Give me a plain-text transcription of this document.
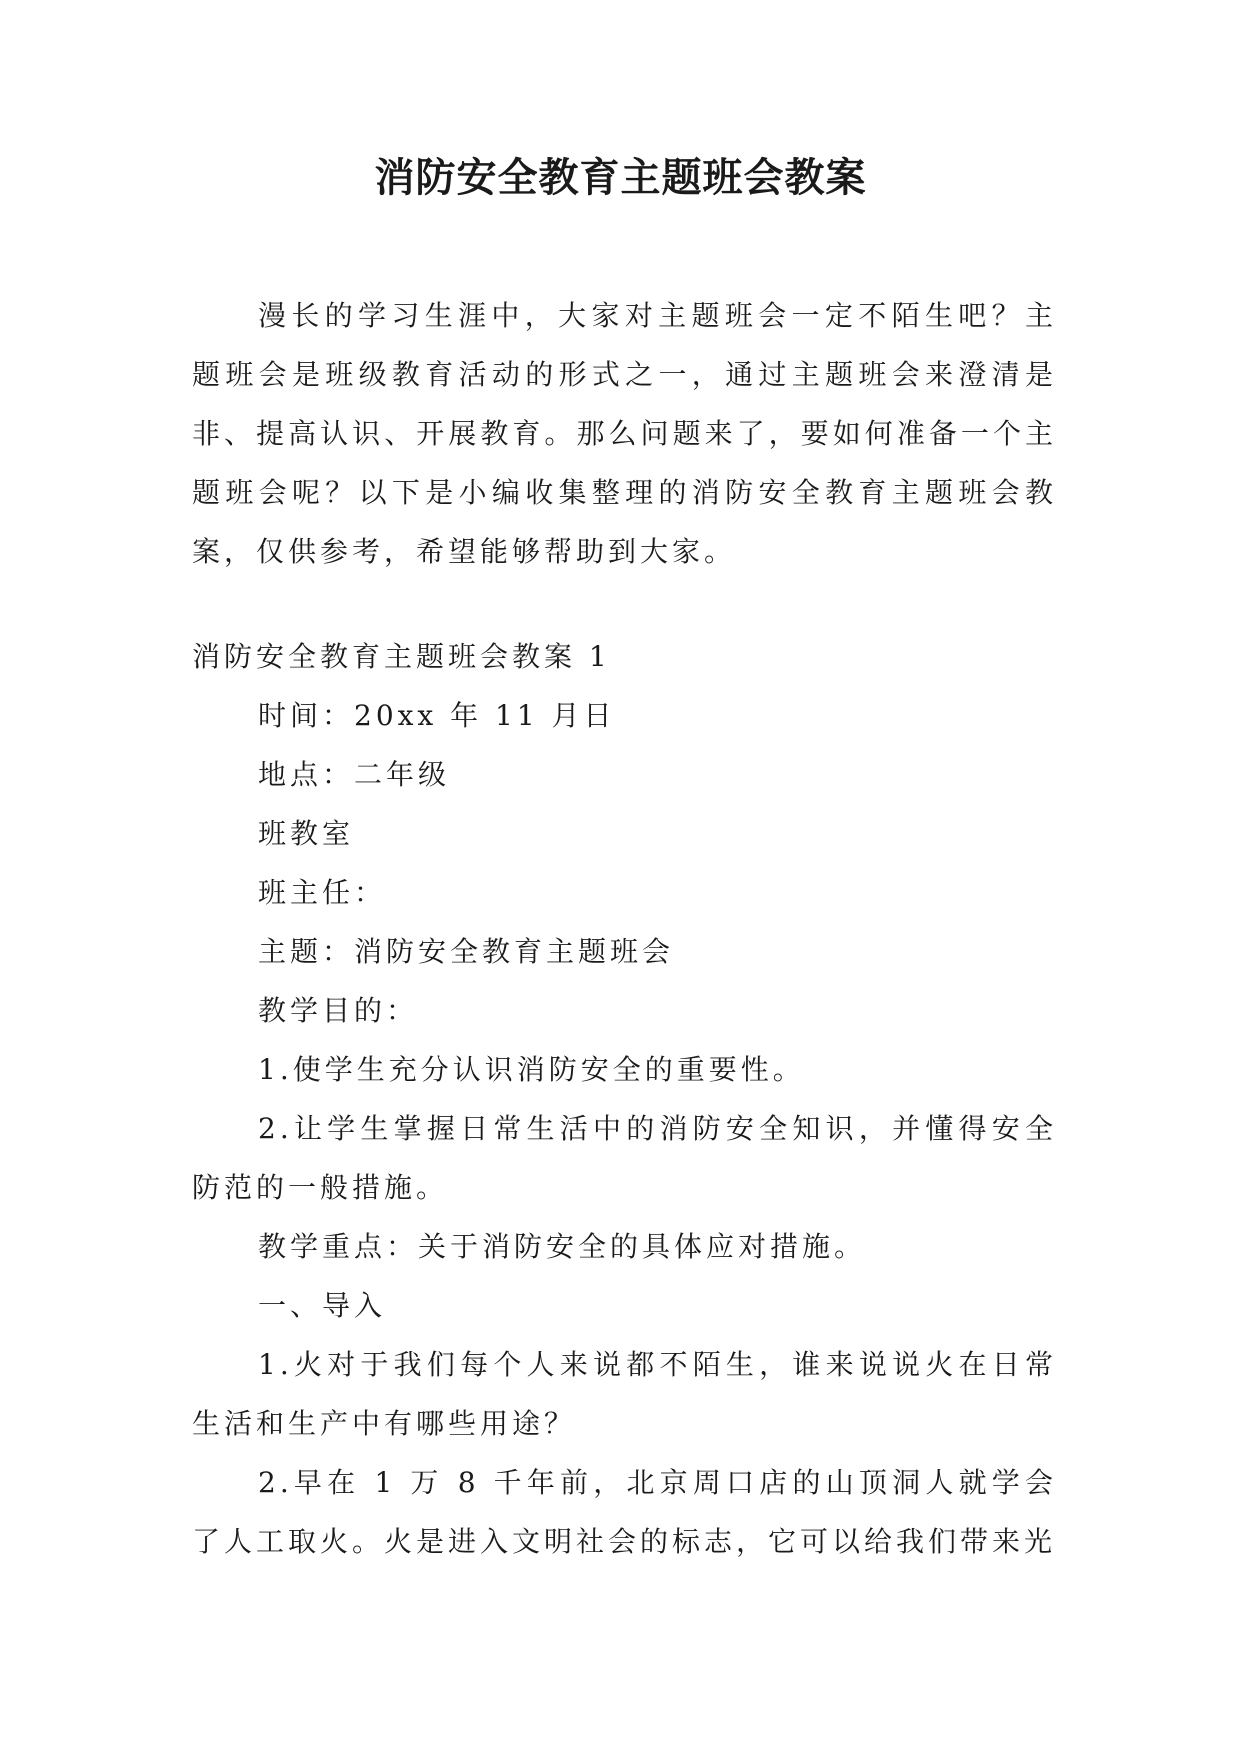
消防安全教育主题班会教案

漫长的学习生涯中，大家对主题班会一定不陌生吧？主题班会是班级教育活动的形式之一，通过主题班会来澄清是非、提高认识、开展教育。那么问题来了，要如何准备一个主题班会呢？以下是小编收集整理的消防安全教育主题班会教案，仅供参考，希望能够帮助到大家。

消防安全教育主题班会教案 1

时间：20xx 年 11 月日

地点：二年级

班教室

班主任：

主题：消防安全教育主题班会

教学目的：

1.使学生充分认识消防安全的重要性。

2.让学生掌握日常生活中的消防安全知识，并懂得安全防范的一般措施。

教学重点：关于消防安全的具体应对措施。

一、导入

1.火对于我们每个人来说都不陌生，谁来说说火在日常生活和生产中有哪些用途？

2.早在 1 万 8 千年前，北京周口店的山顶洞人就学会了人工取火。火是进入文明社会的标志，它可以给我们带来光
